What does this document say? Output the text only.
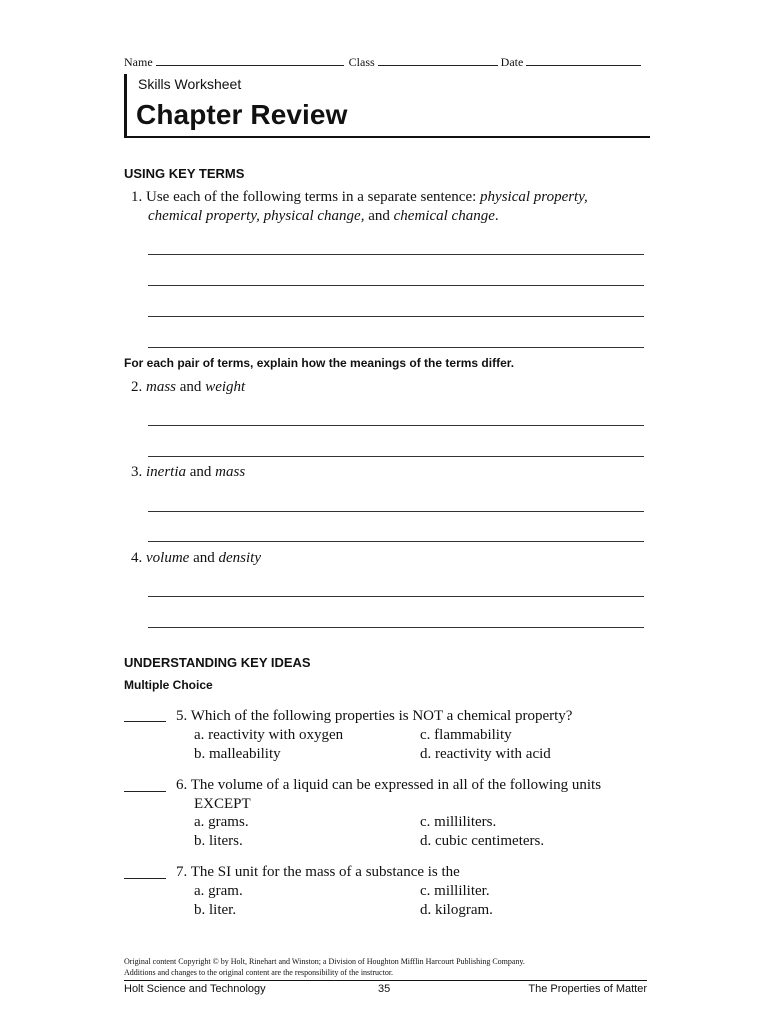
Name	Class	Date
Skills Worksheet
Chapter Review
USING KEY TERMS
1. Use each of the following terms in a separate sentence: physical property,
chemical property, physical change, and chemical change.
For each pair of terms, explain how the meanings of the terms differ.
2. mass and weight
3. inertia and mass
4. volume and density
UNDERSTANDING KEY IDEAS
Multiple Choice
5. Which of the following properties is NOT a chemical property?
a. reactivity with oxygen	c. flammability
b. malleability	d. reactivity with acid
6. The volume of a liquid can be expressed in all of the following units
EXCEPT
a. grams.	c. milliliters.
b. liters.	d. cubic centimeters.
7. The SI unit for the mass of a substance is the
a. gram.	c. milliliter.
b. liter.	d. kilogram.
Original content Copyright © by Holt, Rinehart and Winston; a Division of Houghton Mifflin Harcourt Publishing Company.
Additions and changes to the original content are the responsibility of the instructor.
Holt Science and Technology	35	The Properties of Matter
